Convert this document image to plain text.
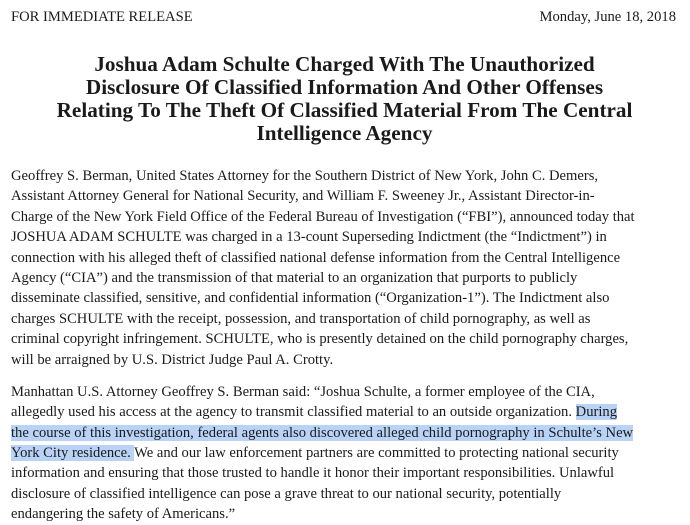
FOR IMMEDIATE RELEASE	Monday, June 18, 2018
Joshua Adam Schulte Charged With The Unauthorized
Disclosure Of Classified Information And Other Offenses
Relating To The Theft Of Classified Material From The Central
Intelligence Agency

Geoffrey S. Berman, United States Attorney for the Southern District of New York, John C. Demers,
Assistant Attorney General for National Security, and William F. Sweeney Jr., Assistant Director-in-
Charge of the New York Field Office of the Federal Bureau of Investigation (“FBI”), announced today that
JOSHUA ADAM SCHULTE was charged in a 13-count Superseding Indictment (the “Indictment”) in
connection with his alleged theft of classified national defense information from the Central Intelligence
Agency (“CIA”) and the transmission of that material to an organization that purports to publicly
disseminate classified, sensitive, and confidential information (“Organization-1”). The Indictment also
charges SCHULTE with the receipt, possession, and transportation of child pornography, as well as
criminal copyright infringement. SCHULTE, who is presently detained on the child pornography charges,
will be arraigned by U.S. District Judge Paul A. Crotty.

Manhattan U.S. Attorney Geoffrey S. Berman said: “Joshua Schulte, a former employee of the CIA,
allegedly used his access at the agency to transmit classified material to an outside organization. During
the course of this investigation, federal agents also discovered alleged child pornography in Schulte’s New
York City residence. We and our law enforcement partners are committed to protecting national security
information and ensuring that those trusted to handle it honor their important responsibilities. Unlawful
disclosure of classified intelligence can pose a grave threat to our national security, potentially
endangering the safety of Americans.”
